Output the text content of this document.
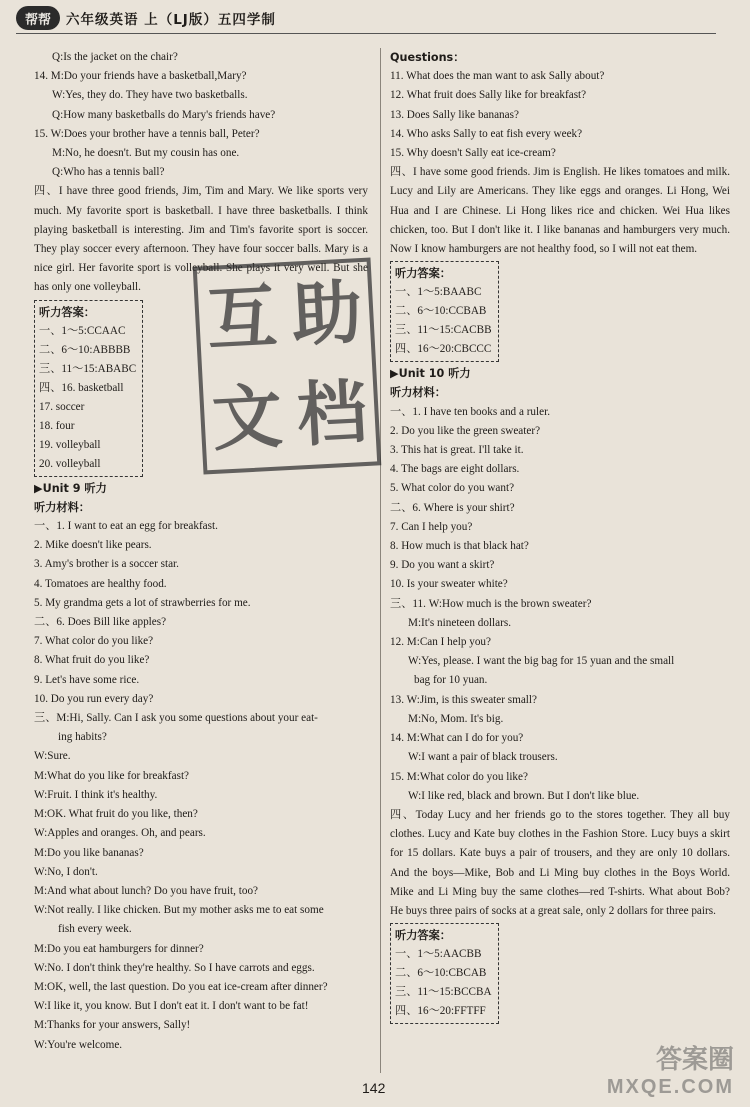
帮帮	六年级英语 上（LJ版）五四学制
Q:Is the jacket on the chair?
14. M:Do your friends have a basketball,Mary?
W:Yes, they do. They have two basketballs.
Q:How many basketballs do Mary's friends have?
15. W:Does your brother have a tennis ball, Peter?
M:No, he doesn't. But my cousin has one.
Q:Who has a tennis ball?
四、I have three good friends, Jim, Tim and Mary. We like sports very much. My favorite sport is basketball. I have three basketballs. I think playing basketball is interesting. Jim and Tim's favorite sport is soccer. They play soccer every afternoon. They have four soccer balls. Mary is a nice girl. Her favorite sport is volleyball. She plays it very well. But she has only one volleyball.
听力答案：
一、1～5:CCAAC
二、6～10:ABBBB
三、11～15:ABABC
四、16. basketball
17. soccer
18. four
19. volleyball
20. volleyball
▶Unit 9 听力
听力材料：
一、1. I want to eat an egg for breakfast.
2. Mike doesn't like pears.
3. Amy's brother is a soccer star.
4. Tomatoes are healthy food.
5. My grandma gets a lot of strawberries for me.
二、6. Does Bill like apples?
7. What color do you like?
8. What fruit do you like?
9. Let's have some rice.
10. Do you run every day?
三、M:Hi, Sally. Can I ask you some questions about your eat-
ing habits?
W:Sure.
M:What do you like for breakfast?
W:Fruit. I think it's healthy.
M:OK. What fruit do you like, then?
W:Apples and oranges. Oh, and pears.
M:Do you like bananas?
W:No, I don't.
M:And what about lunch? Do you have fruit, too?
W:Not really. I like chicken. But my mother asks me to eat some
fish every week.
M:Do you eat hamburgers for dinner?
W:No. I don't think they're healthy. So I have carrots and eggs.
M:OK, well, the last question. Do you eat ice-cream after dinner?
W:I like it, you know. But I don't eat it. I don't want to be fat!
M:Thanks for your answers, Sally!
W:You're welcome.
Questions：
11. What does the man want to ask Sally about?
12. What fruit does Sally like for breakfast?
13. Does Sally like bananas?
14. Who asks Sally to eat fish every week?
15. Why doesn't Sally eat ice-cream?
四、I have some good friends. Jim is English. He likes tomatoes and milk. Lucy and Lily are Americans. They like eggs and oranges. Li Hong, Wei Hua and I are Chinese. Li Hong likes rice and chicken. Wei Hua likes chicken, too. But I don't like it. I like bananas and hamburgers very much. Now I know hamburgers are not healthy food, so I will not eat them.
听力答案：
一、1～5:BAABC
二、6～10:CCBAB
三、11～15:CACBB
四、16～20:CBCCC
▶Unit 10 听力
听力材料：
一、1. I have ten books and a ruler.
2. Do you like the green sweater?
3. This hat is great. I'll take it.
4. The bags are eight dollars.
5. What color do you want?
二、6. Where is your shirt?
7. Can I help you?
8. How much is that black hat?
9. Do you want a skirt?
10. Is your sweater white?
三、11. W:How much is the brown sweater?
M:It's nineteen dollars.
12. M:Can I help you?
W:Yes, please. I want the big bag for 15 yuan and the small
bag for 10 yuan.
13. W:Jim, is this sweater small?
M:No, Mom. It's big.
14. M:What can I do for you?
W:I want a pair of black trousers.
15. M:What color do you like?
W:I like red, black and brown. But I don't like blue.
四、Today Lucy and her friends go to the stores together. They all buy clothes. Lucy and Kate buy clothes in the Fashion Store. Lucy buys a skirt for 15 dollars. Kate buys a pair of trousers, and they are only 10 dollars. And the boys—Mike, Bob and Li Ming buy clothes in the Boys World. Mike and Li Ming buy the same clothes—red T-shirts. What about Bob? He buys three pairs of socks at a great sale, only 2 dollars for three pairs.
听力答案：
一、1～5:AACBB
二、6～10:CBCAB
三、11～15:BCCBA
四、16～20:FFTFF
互 助
文 档
142
答案圈
MXQE.COM
